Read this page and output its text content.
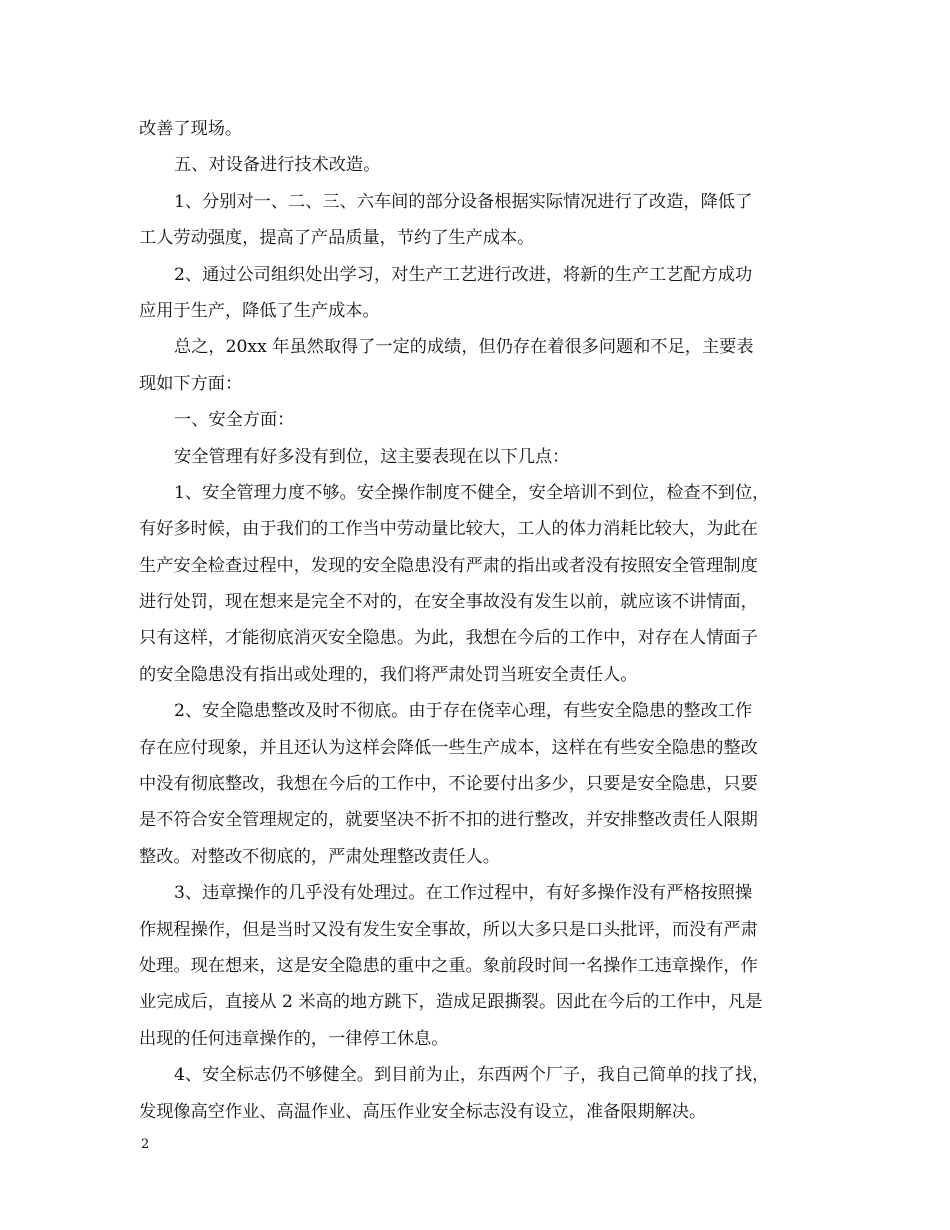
改善了现场。
五、对设备进行技术改造。
1、分别对一、二、三、六车间的部分设备根据实际情况进行了改造，降低了
工人劳动强度，提高了产品质量，节约了生产成本。
2、通过公司组织处出学习，对生产工艺进行改进，将新的生产工艺配方成功
应用于生产，降低了生产成本。
总之，20xx 年虽然取得了一定的成绩，但仍存在着很多问题和不足，主要表
现如下方面：
一、安全方面：
安全管理有好多没有到位，这主要表现在以下几点：
1、安全管理力度不够。安全操作制度不健全，安全培训不到位，检查不到位，
有好多时候，由于我们的工作当中劳动量比较大，工人的体力消耗比较大，为此在
生产安全检查过程中，发现的安全隐患没有严肃的指出或者没有按照安全管理制度
进行处罚，现在想来是完全不对的，在安全事故没有发生以前，就应该不讲情面，
只有这样，才能彻底消灭安全隐患。为此，我想在今后的工作中，对存在人情面子
的安全隐患没有指出或处理的，我们将严肃处罚当班安全责任人。
2、安全隐患整改及时不彻底。由于存在侥幸心理，有些安全隐患的整改工作
存在应付现象，并且还认为这样会降低一些生产成本，这样在有些安全隐患的整改
中没有彻底整改，我想在今后的工作中，不论要付出多少，只要是安全隐患，只要
是不符合安全管理规定的，就要坚决不折不扣的进行整改，并安排整改责任人限期
整改。对整改不彻底的，严肃处理整改责任人。
3、违章操作的几乎没有处理过。在工作过程中，有好多操作没有严格按照操
作规程操作，但是当时又没有发生安全事故，所以大多只是口头批评，而没有严肃
处理。现在想来，这是安全隐患的重中之重。象前段时间一名操作工违章操作，作
业完成后，直接从 2 米高的地方跳下，造成足跟撕裂。因此在今后的工作中，凡是
出现的任何违章操作的，一律停工休息。
4、安全标志仍不够健全。到目前为止，东西两个厂子，我自己简单的找了找，
发现像高空作业、高温作业、高压作业安全标志没有设立，准备限期解决。
2
